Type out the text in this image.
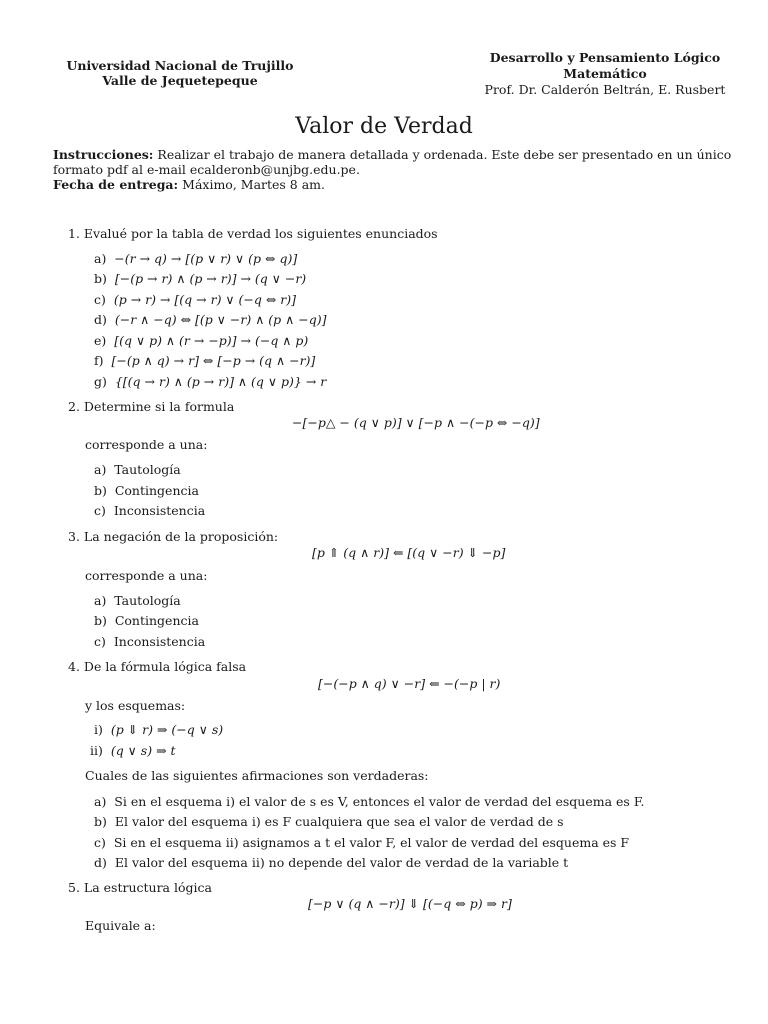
Universidad Nacional de Trujillo
Valle de Jequetepeque
Desarrollo y Pensamiento Lógico
Matemático
Prof. Dr. Calderón Beltrán, E. Rusbert
Valor de Verdad
Instrucciones: Realizar el trabajo de manera detallada y ordenada. Este debe ser presentado en un único formato pdf al e-mail ecalderonb@unjbg.edu.pe.
Fecha de entrega: Máximo, Martes 8 am.
1. Evalué por la tabla de verdad los siguientes enunciados
a) −(r → q) → [(p ∨ r) ∨ (p ⇔ q)]
b) [−(p → r) ∧ (p → r)] → (q ∨ −r)
c) (p → r) → [(q → r) ∨ (−q ⇔ r)]
d) (−r ∧ −q) ⇔ [(p ∨ −r) ∧ (p ∧ −q)]
e) [(q ∨ p) ∧ (r → −p)] → (−q ∧ p)
f) [−(p ∧ q) → r] ⇔ [−p → (q ∧ −r)]
g) {[(q → r) ∧ (p → r)] ∧ (q ∨ p)} → r
2. Determine si la formula
−[−p△ − (q ∨ p)] ∨ [−p ∧ −(−p ⇔ −q)]
corresponde a una:
a) Tautología
b) Contingencia
c) Inconsistencia
3. La negación de la proposición:
[p ⇑ (q ∧ r)] ⇐ [(q ∨ −r) ⇓ −p]
corresponde a una:
a) Tautología
b) Contingencia
c) Inconsistencia
4. De la fórmula lógica falsa
[−(−p ∧ q) ∨ −r] ⇐ −(−p | r)
y los esquemas:
i) (p ⇓ r) ⇒ (−q ∨ s)
ii) (q ∨ s) ⇒ t
Cuales de las siguientes afirmaciones son verdaderas:
a) Si en el esquema i) el valor de s es V, entonces el valor de verdad del esquema es F.
b) El valor del esquema i) es F cualquiera que sea el valor de verdad de s
c) Si en el esquema ii) asignamos a t el valor F, el valor de verdad del esquema es F
d) El valor del esquema ii) no depende del valor de verdad de la variable t
5. La estructura lógica
[−p ∨ (q ∧ −r)] ⇓ [(−q ⇔ p) ⇒ r]
Equivale a:
